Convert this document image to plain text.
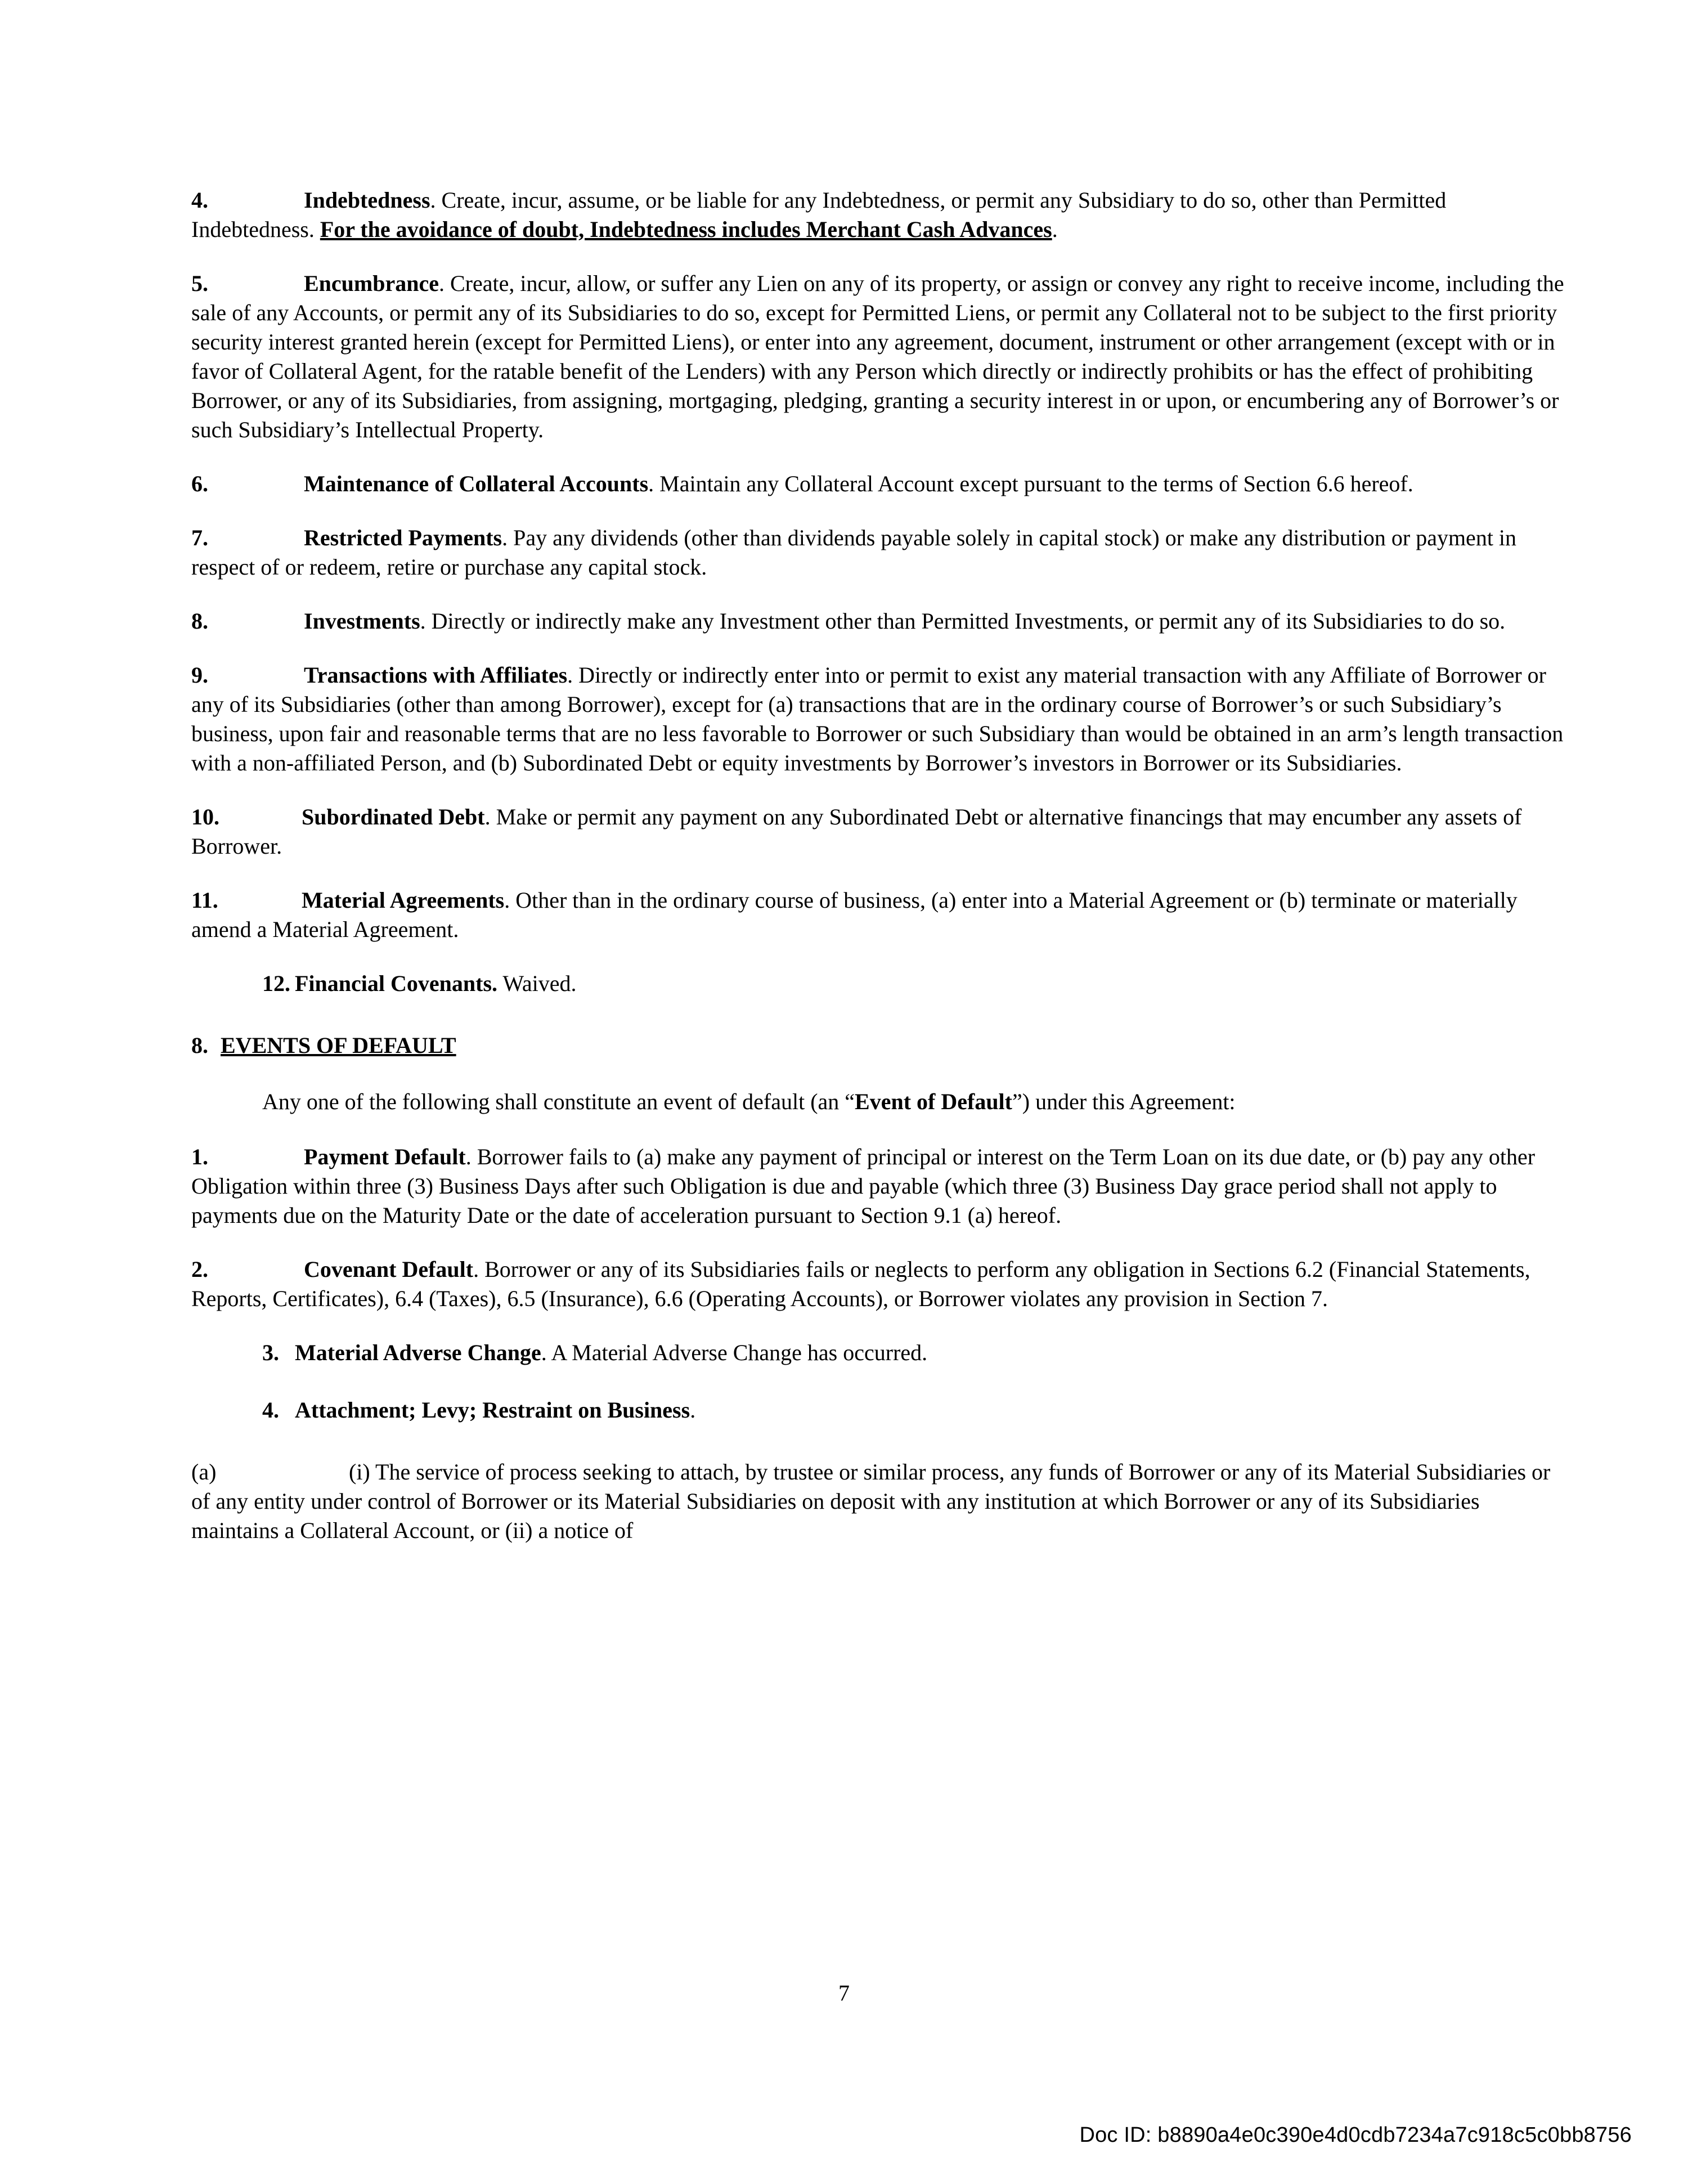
4.	Indebtedness. Create, incur, assume, or be liable for any Indebtedness, or permit any Subsidiary to do so, other than Permitted Indebtedness. For the avoidance of doubt, Indebtedness includes Merchant Cash Advances.

5.	Encumbrance. Create, incur, allow, or suffer any Lien on any of its property, or assign or convey any right to receive income, including the sale of any Accounts, or permit any of its Subsidiaries to do so, except for Permitted Liens, or permit any Collateral not to be subject to the first priority security interest granted herein (except for Permitted Liens), or enter into any agreement, document, instrument or other arrangement (except with or in favor of Collateral Agent, for the ratable benefit of the Lenders) with any Person which directly or indirectly prohibits or has the effect of prohibiting Borrower, or any of its Subsidiaries, from assigning, mortgaging, pledging, granting a security interest in or upon, or encumbering any of Borrower’s or such Subsidiary’s Intellectual Property.

6.	Maintenance of Collateral Accounts. Maintain any Collateral Account except pursuant to the terms of Section 6.6 hereof.

7.	Restricted Payments. Pay any dividends (other than dividends payable solely in capital stock) or make any distribution or payment in respect of or redeem, retire or purchase any capital stock.

8.	Investments. Directly or indirectly make any Investment other than Permitted Investments, or permit any of its Subsidiaries to do so.

9.	Transactions with Affiliates. Directly or indirectly enter into or permit to exist any material transaction with any Affiliate of Borrower or any of its Subsidiaries (other than among Borrower), except for (a) transactions that are in the ordinary course of Borrower’s or such Subsidiary’s business, upon fair and reasonable terms that are no less favorable to Borrower or such Subsidiary than would be obtained in an arm’s length transaction with a non-affiliated Person, and (b) Subordinated Debt or equity investments by Borrower’s investors in Borrower or its Subsidiaries.

10.	Subordinated Debt. Make or permit any payment on any Subordinated Debt or alternative financings that may encumber any assets of Borrower.

11.	Material Agreements. Other than in the ordinary course of business, (a) enter into a Material Agreement or (b) terminate or materially amend a Material Agreement.

12. Financial Covenants. Waived.

8. EVENTS OF DEFAULT

Any one of the following shall constitute an event of default (an “Event of Default”) under this Agreement:

1.	Payment Default. Borrower fails to (a) make any payment of principal or interest on the Term Loan on its due date, or (b) pay any other Obligation within three (3) Business Days after such Obligation is due and payable (which three (3) Business Day grace period shall not apply to payments due on the Maturity Date or the date of acceleration pursuant to Section 9.1 (a) hereof.

2.	Covenant Default. Borrower or any of its Subsidiaries fails or neglects to perform any obligation in Sections 6.2 (Financial Statements, Reports, Certificates), 6.4 (Taxes), 6.5 (Insurance), 6.6 (Operating Accounts), or Borrower violates any provision in Section 7.

3. Material Adverse Change. A Material Adverse Change has occurred.

4. Attachment; Levy; Restraint on Business.

(a)	(i) The service of process seeking to attach, by trustee or similar process, any funds of Borrower or any of its Material Subsidiaries or of any entity under control of Borrower or its Material Subsidiaries on deposit with any institution at which Borrower or any of its Subsidiaries maintains a Collateral Account, or (ii) a notice of

7
Doc ID: b8890a4e0c390e4d0cdb7234a7c918c5c0bb8756
